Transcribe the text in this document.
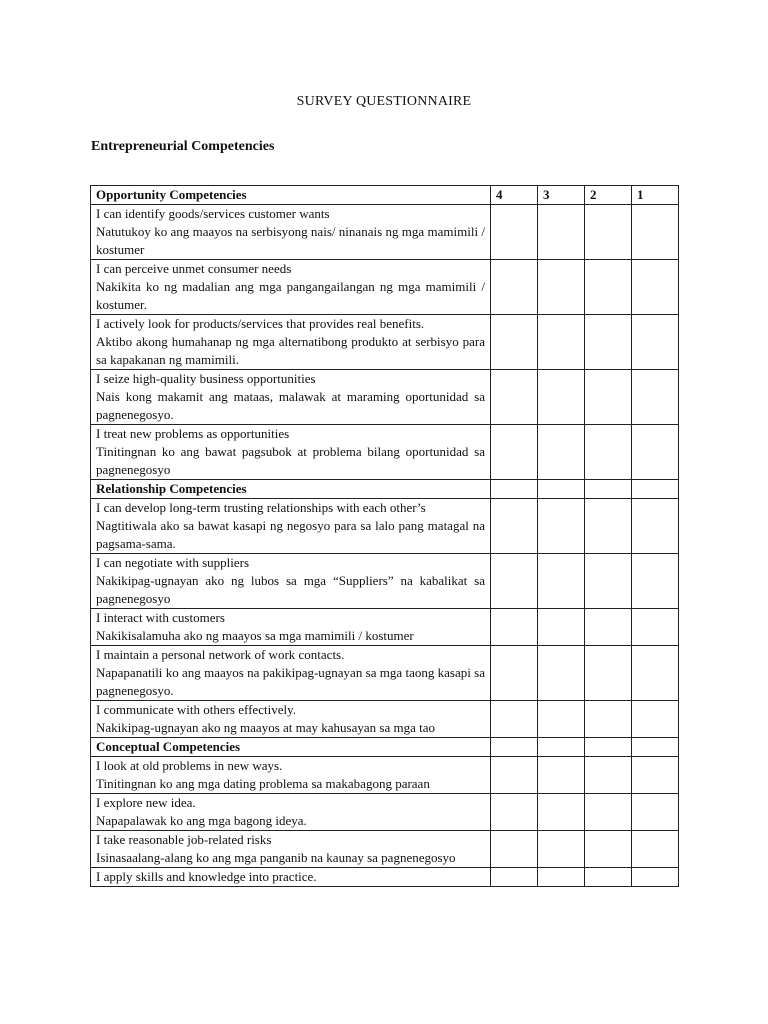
SURVEY QUESTIONNAIRE
Entrepreneurial Competencies
Opportunity Competencies	4	3	2	1

I can identify goods/services customer wants
Natutukoy ko ang maayos na serbisyong nais/ ninanais ng mga mamimili / kostumer				

I can perceive unmet consumer needs
Nakikita ko ng madalian ang mga pangangailangan ng mga mamimili / kostumer.				

I actively look for products/services that provides real benefits.
Aktibo akong humahanap ng mga alternatibong produkto at serbisyo para sa kapakanan ng mamimili.				

I seize high-quality business opportunities
Nais kong makamit ang mataas, malawak at maraming oportunidad sa pagnenegosyo.				

I treat new problems as opportunities
Tinitingnan ko ang bawat pagsubok at problema bilang oportunidad sa pagnenegosyo				

Relationship Competencies				

I can develop long-term trusting relationships with each other’s
Nagtitiwala ako sa bawat kasapi ng negosyo para sa lalo pang matagal na pagsama-sama.				

I can negotiate with suppliers
Nakikipag-ugnayan ako ng lubos sa mga “Suppliers” na kabalikat sa pagnenegosyo				

I interact with customers
Nakikisalamuha ako ng maayos sa mga mamimili / kostumer				

I maintain a personal network of work contacts.
Napapanatili ko ang maayos na pakikipag-ugnayan sa mga taong kasapi sa pagnenegosyo.				

I communicate with others effectively.
Nakikipag-ugnayan ako ng maayos at may kahusayan sa mga tao				

Conceptual Competencies				

I look at old problems in new ways.
Tinitingnan ko ang mga dating problema sa makabagong paraan				

I explore new idea.
Napapalawak ko ang mga bagong ideya.				

I take reasonable job-related risks
Isinasaalang-alang ko ang mga panganib na kaunay sa pagnenegosyo				

I apply skills and knowledge into practice.				
